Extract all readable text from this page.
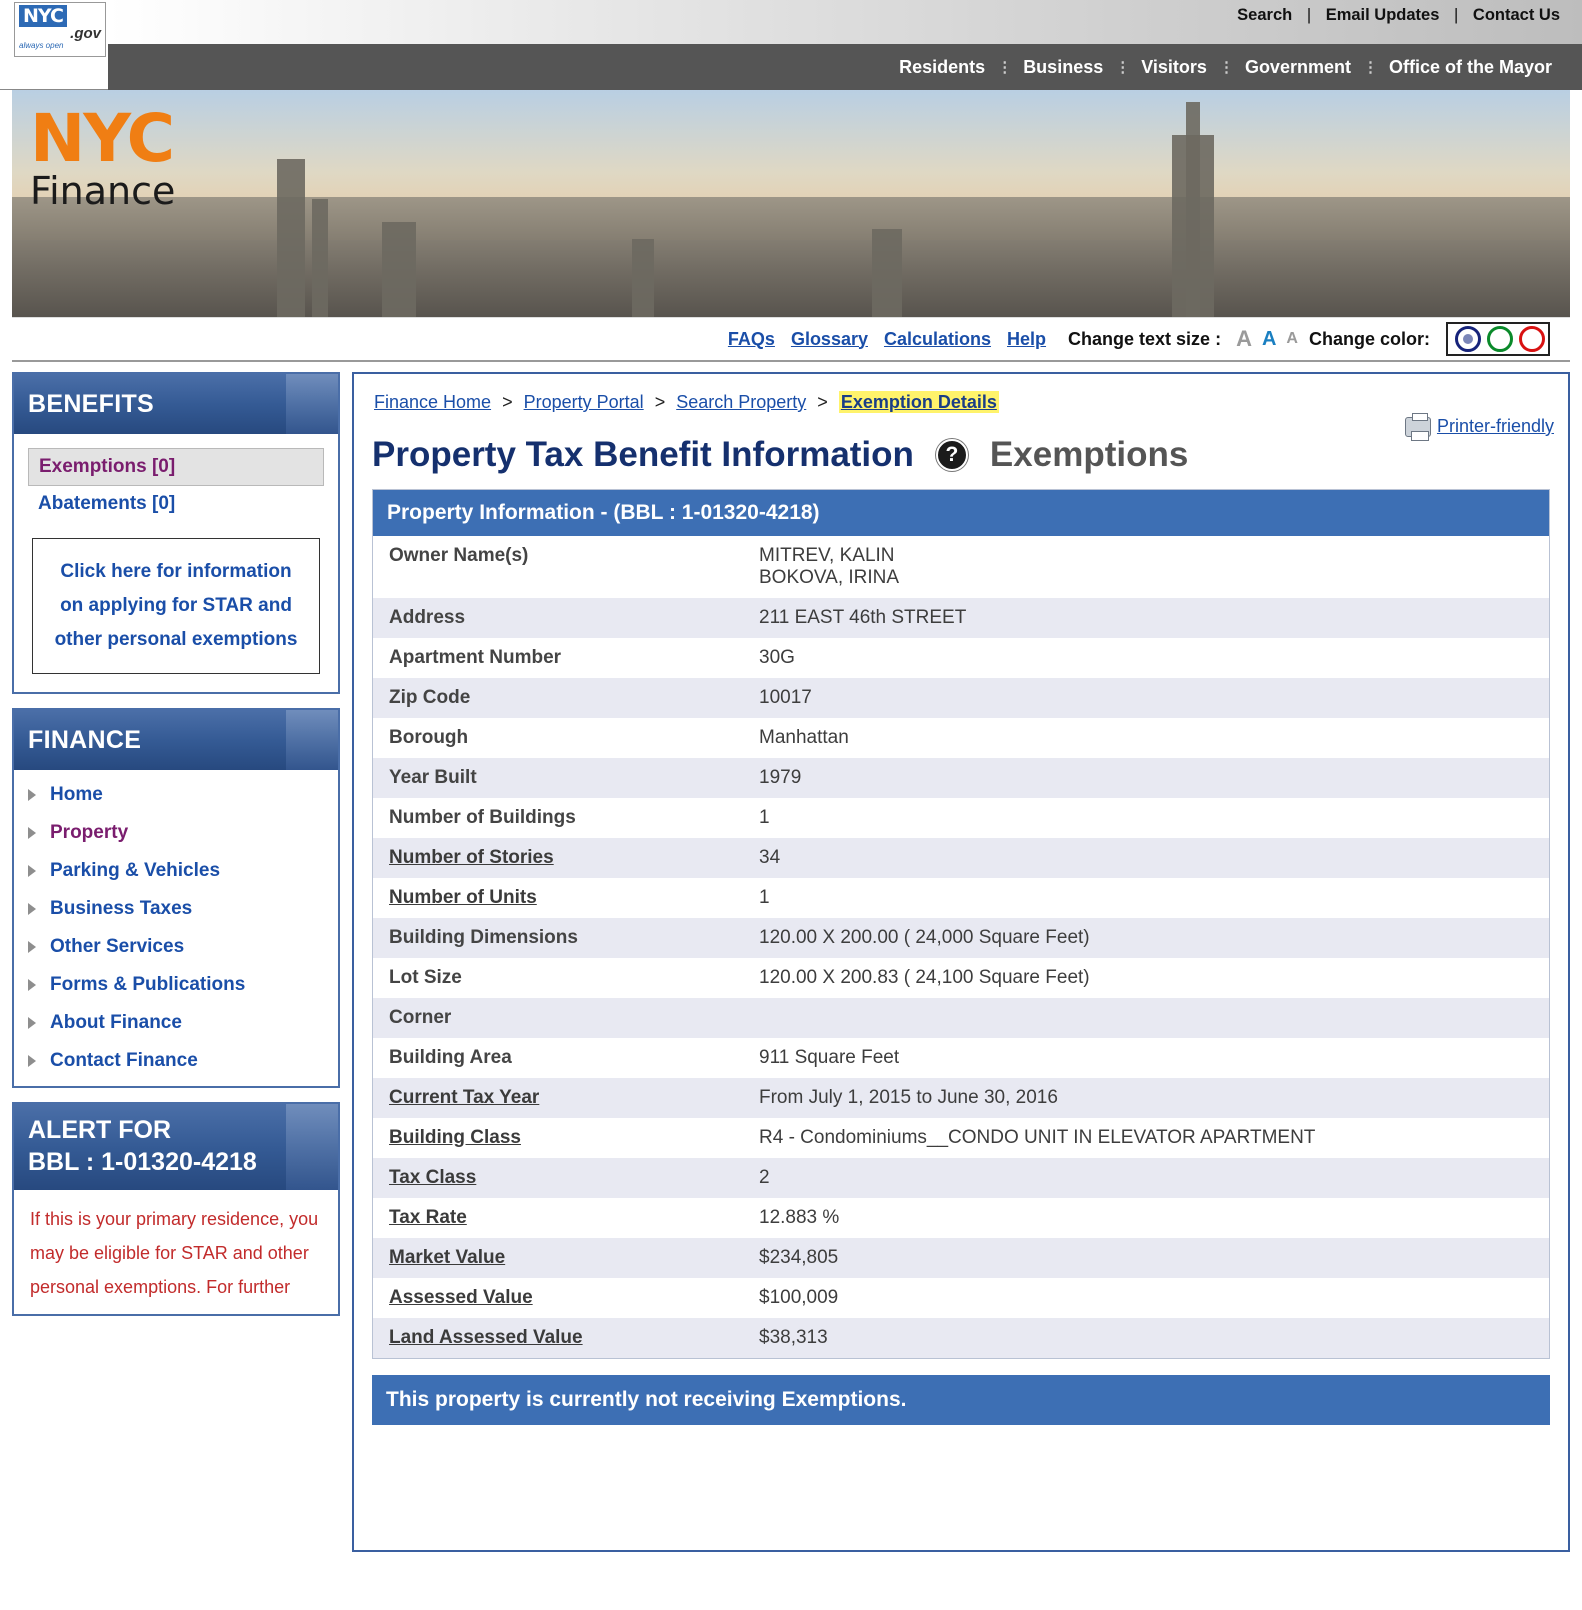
Residents ⋮ Business ⋮ Visitors ⋮ Government ⋮ Office of the Mayor
Search | Email Updates | Contact Us
NYC
.gov
always open
NYC
Finance
FAQs Glossary Calculations Help Change text size : A A A Change color:
BENEFITS
Exemptions [0]
Abatements [0]
Click here for information on applying for STAR and other personal exemptions
FINANCE
Home
Property
Parking & Vehicles
Business Taxes
Other Services
Forms & Publications
About Finance
Contact Finance
ALERT FOR
BBL : 1-01320-4218
If this is your primary residence, you may be eligible for STAR and other personal exemptions. For further
Finance Home > Property Portal > Search Property > Exemption Details
Printer-friendly
Property Tax Benefit Information	? Exemptions
Property Information - (BBL : 1-01320-4218)
Owner Name(s)	MITREV, KALIN
BOKOVA, IRINA
Address	211 EAST 46th STREET
Apartment Number	30G
Zip Code	10017
Borough	Manhattan
Year Built	1979
Number of Buildings	1
Number of Stories	34
Number of Units	1
Building Dimensions	120.00 X 200.00 ( 24,000 Square Feet)
Lot Size	120.00 X 200.83 ( 24,100 Square Feet)
Corner	
Building Area	911 Square Feet
Current Tax Year	From July 1, 2015 to June 30, 2016
Building Class	R4 - Condominiums__CONDO UNIT IN ELEVATOR APARTMENT
Tax Class	2
Tax Rate	12.883 %
Market Value	$234,805
Assessed Value	$100,009
Land Assessed Value	$38,313
This property is currently not receiving Exemptions.
